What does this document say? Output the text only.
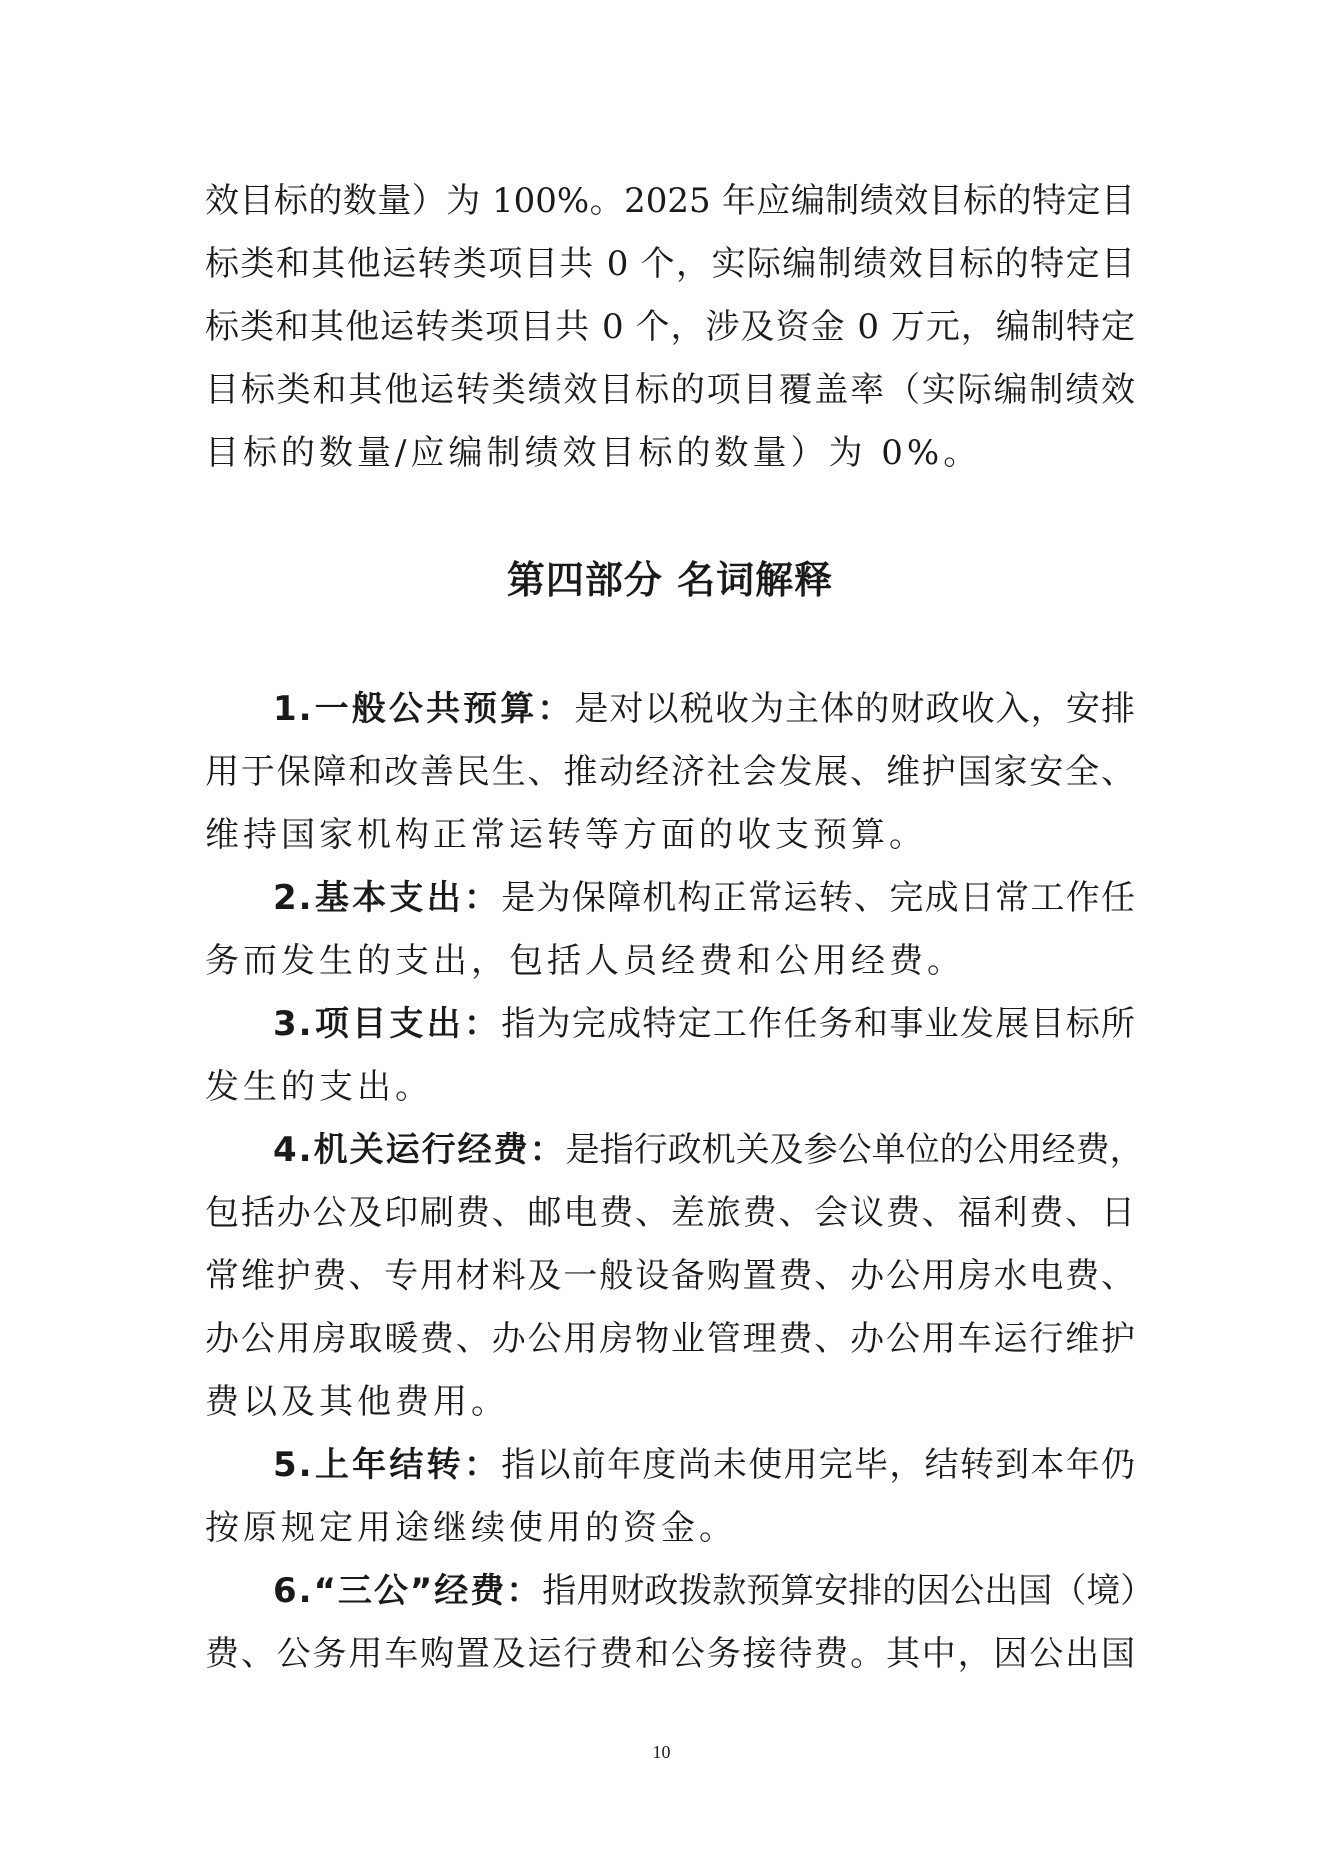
效目标的数量）为 100%。2025 年应编制绩效目标的特定目

标类和其他运转类项目共 0 个，实际编制绩效目标的特定目

标类和其他运转类项目共 0 个，涉及资金 0 万元，编制特定

目标类和其他运转类绩效目标的项目覆盖率（实际编制绩效

目标的数量/应编制绩效目标的数量）为 0%。

第四部分 名词解释

1.一般公共预算：是对以税收为主体的财政收入，安排

用于保障和改善民生、推动经济社会发展、维护国家安全、

维持国家机构正常运转等方面的收支预算。

2.基本支出：是为保障机构正常运转、完成日常工作任

务而发生的支出，包括人员经费和公用经费。

3.项目支出：指为完成特定工作任务和事业发展目标所

发生的支出。

4.机关运行经费：是指行政机关及参公单位的公用经费，

包括办公及印刷费、邮电费、差旅费、会议费、福利费、日

常维护费、专用材料及一般设备购置费、办公用房水电费、

办公用房取暖费、办公用房物业管理费、办公用车运行维护

费以及其他费用。

5.上年结转：指以前年度尚未使用完毕，结转到本年仍

按原规定用途继续使用的资金。

6.“三公”经费：指用财政拨款预算安排的因公出国（境）

费、公务用车购置及运行费和公务接待费。其中，因公出国

10
